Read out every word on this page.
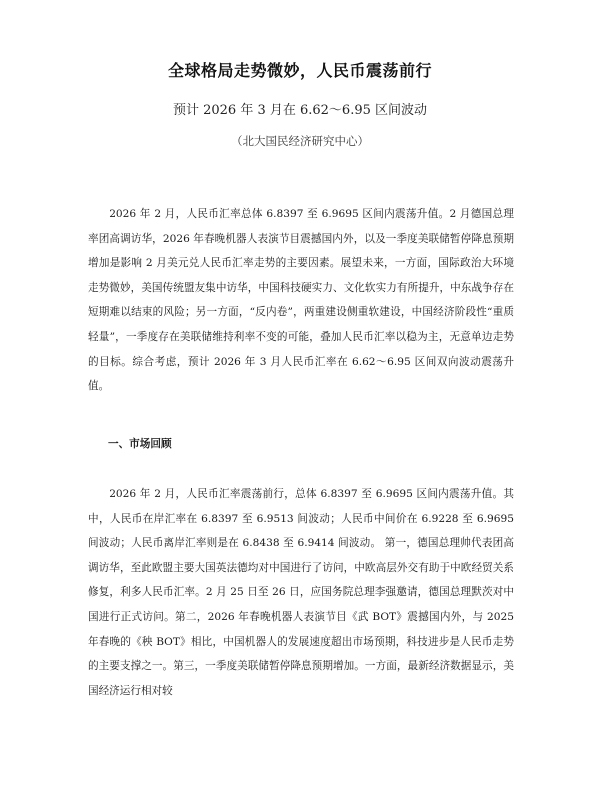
全球格局走势微妙，人民币震荡前行
预计 2026 年 3 月在 6.62～6.95 区间波动
（北大国民经济研究中心）

2026 年 2 月，人民币汇率总体 6.8397 至 6.9695 区间内震荡升值。2 月德国总理率团高调访华，2026 年春晚机器人表演节目震撼国内外，以及一季度美联储暂停降息预期增加是影响 2 月美元兑人民币汇率走势的主要因素。展望未来，一方面，国际政治大环境走势微妙，美国传统盟友集中访华，中国科技硬实力、文化软实力有所提升，中东战争存在短期难以结束的风险；另一方面，“反内卷”，两重建设侧重软建设，中国经济阶段性“重质轻量”，一季度存在美联储维持利率不变的可能，叠加人民币汇率以稳为主，无意单边走势的目标。综合考虑，预计 2026 年 3 月人民币汇率在 6.62～6.95 区间双向波动震荡升值。

一、市场回顾

2026 年 2 月，人民币汇率震荡前行，总体 6.8397 至 6.9695 区间内震荡升值。其中，人民币在岸汇率在 6.8397 至 6.9513 间波动；人民币中间价在 6.9228 至 6.9695 间波动；人民币离岸汇率则是在 6.8438 至 6.9414 间波动。 第一，德国总理帅代表团高调访华，至此欧盟主要大国英法德均对中国进行了访问，中欧高层外交有助于中欧经贸关系修复，利多人民币汇率。2 月 25 日至 26 日，应国务院总理李强邀请，德国总理默茨对中国进行正式访问。第二，2026 年春晚机器人表演节目《武 BOT》震撼国内外，与 2025 年春晚的《秧 BOT》相比，中国机器人的发展速度超出市场预期，科技进步是人民币走势的主要支撑之一。第三，一季度美联储暂停降息预期增加。一方面，最新经济数据显示，美国经济运行相对较
